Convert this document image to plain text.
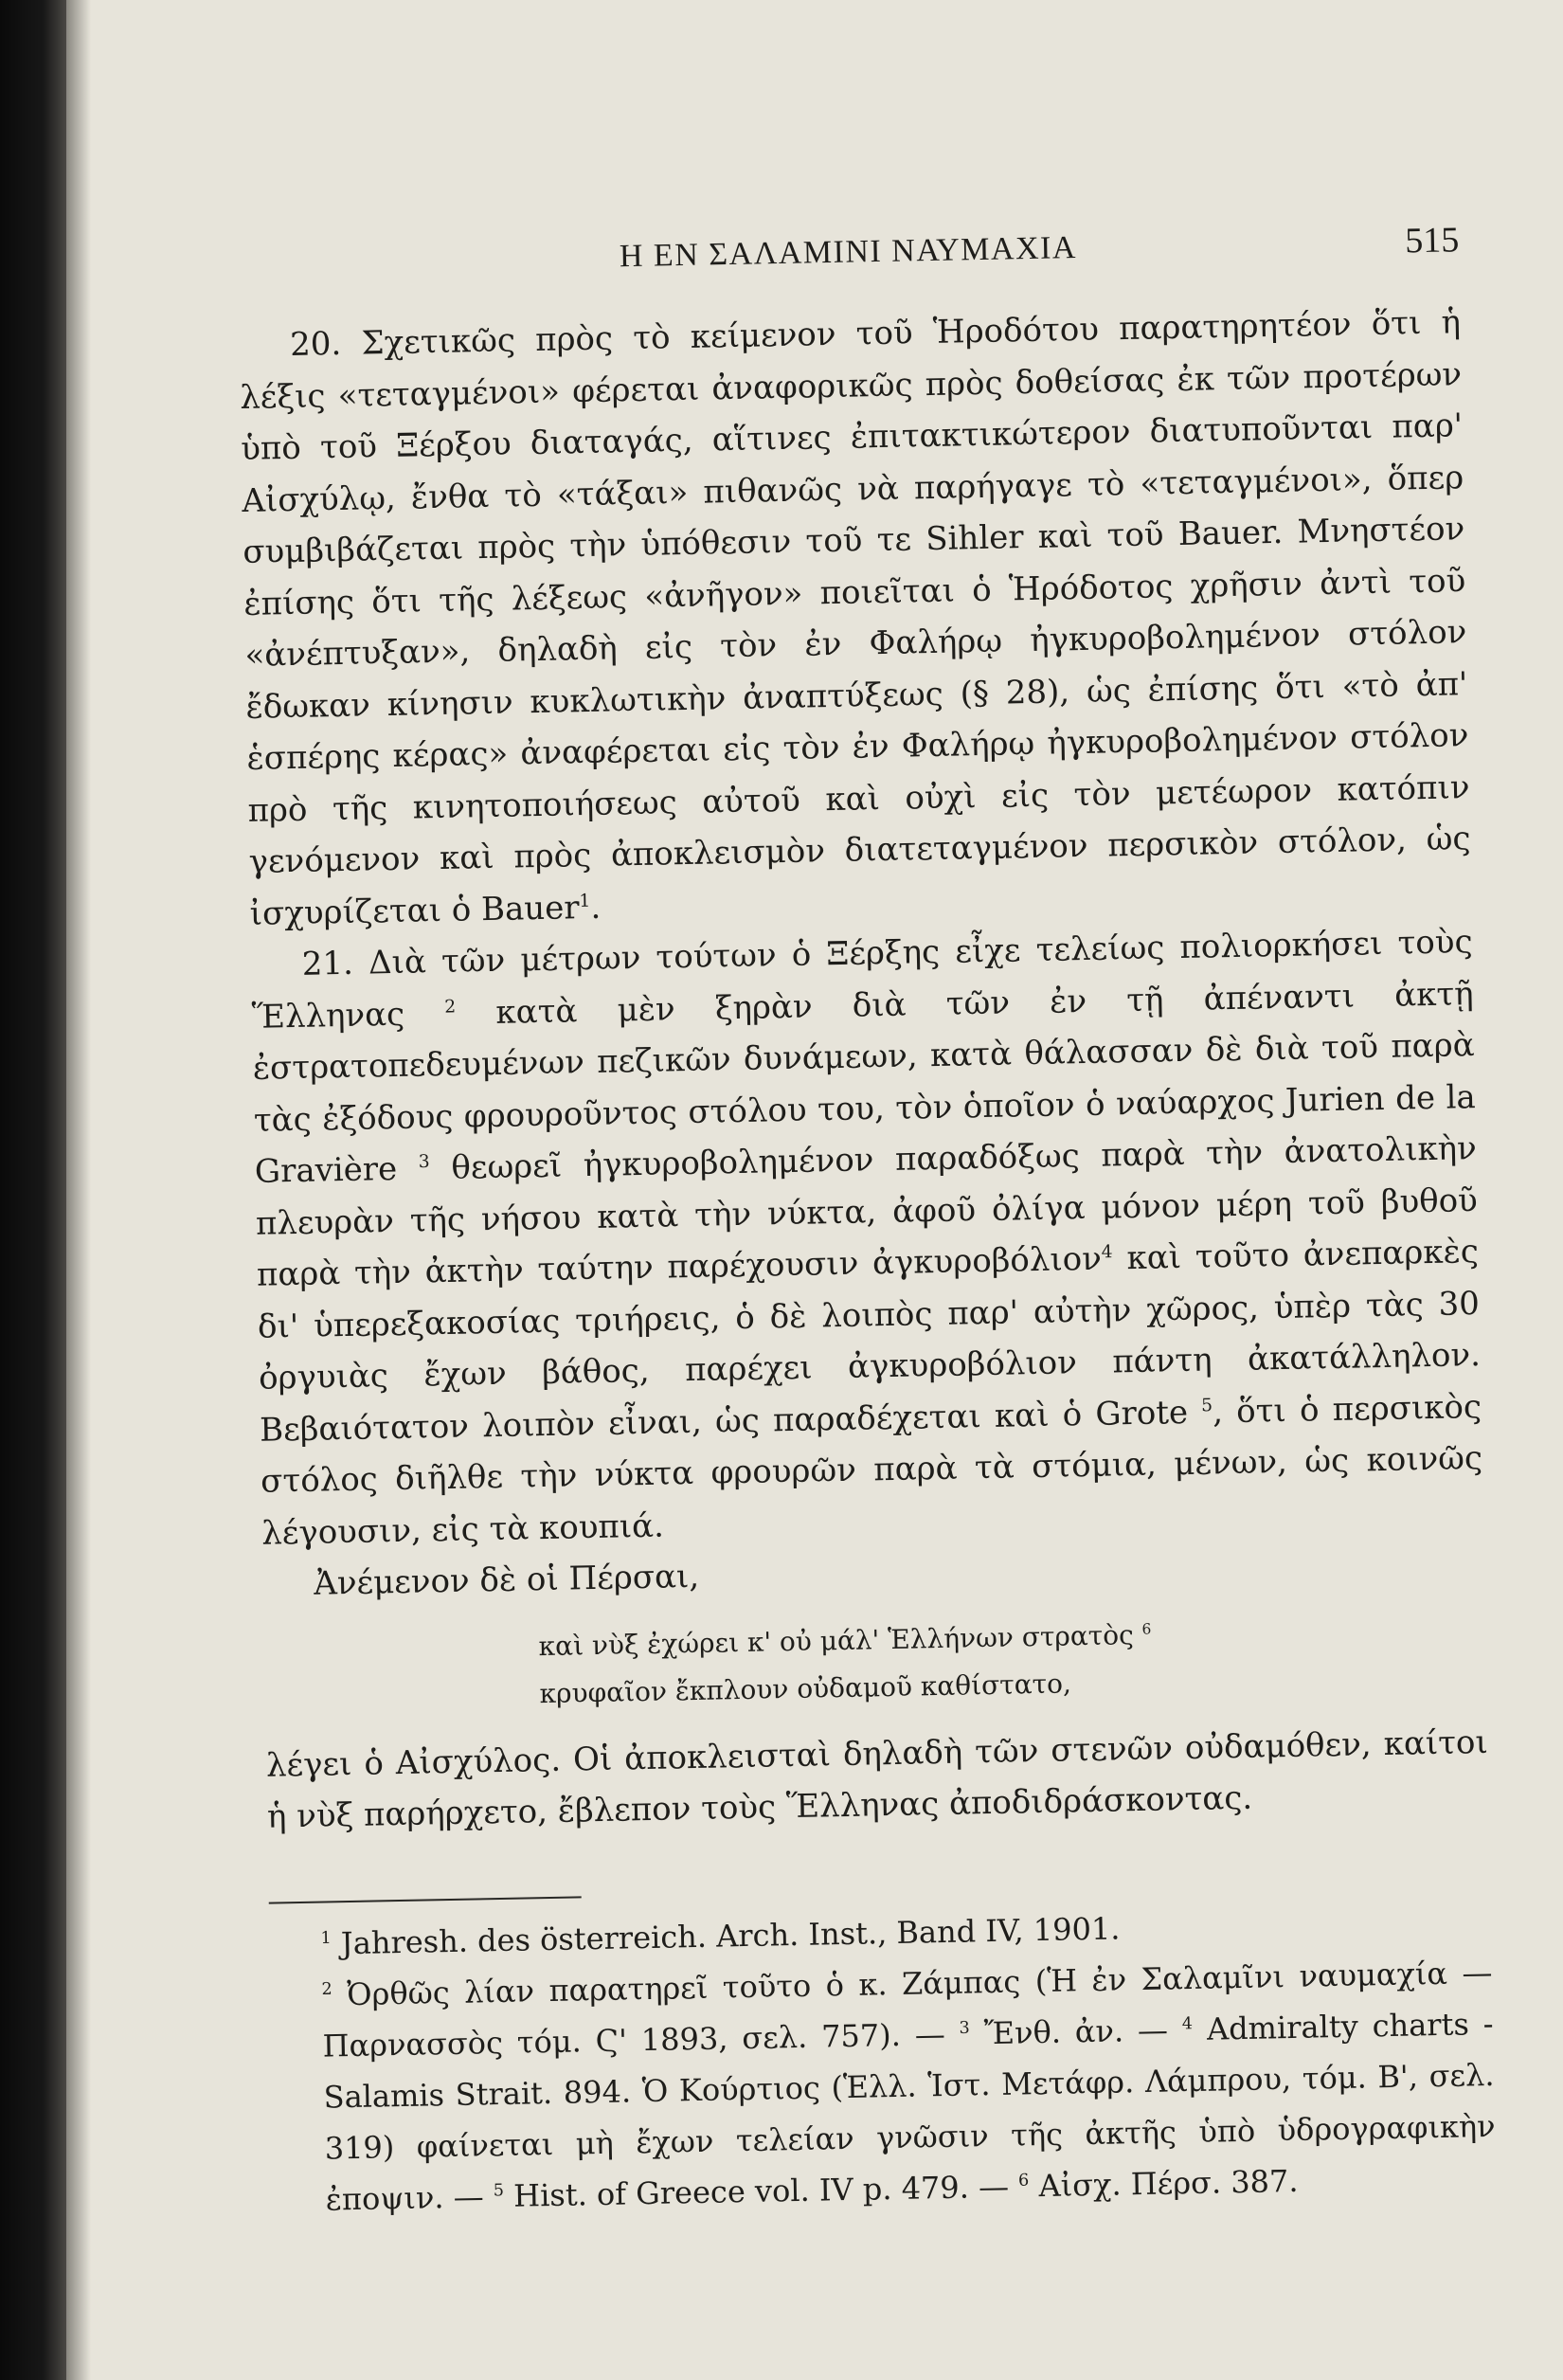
Η ΕΝ ΣΑΛΑΜΙΝΙ ΝΑΥΜΑΧΙΑ	515

20. Σχετικῶς πρὸς τὸ κείμενον τοῦ Ἡροδότου παρατηρητέον ὅτι ἡ λέξις «τεταγμένοι» φέρεται ἀναφορικῶς πρὸς δοθείσας ἐκ τῶν προτέρων ὑπὸ τοῦ Ξέρξου διαταγάς, αἵτινες ἐπιτακτικώτερον διατυποῦνται παρ' Αἰσχύλῳ, ἔνθα τὸ «τάξαι» πιθανῶς νὰ παρήγαγε τὸ «τεταγμένοι», ὅπερ συμβιβάζεται πρὸς τὴν ὑπόθεσιν τοῦ τε Sihler καὶ τοῦ Bauer. Μνηστέον ἐπίσης ὅτι τῆς λέξεως «ἀνῆγον» ποιεῖται ὁ Ἡρόδοτος χρῆσιν ἀντὶ τοῦ «ἀνέπτυξαν», δηλαδὴ εἰς τὸν ἐν Φαλήρῳ ἠγκυροβολημένον στόλον ἔδωκαν κίνησιν κυκλωτικὴν ἀναπτύξεως (§ 28), ὡς ἐπίσης ὅτι «τὸ ἀπ' ἑσπέρης κέρας» ἀναφέρεται εἰς τὸν ἐν Φαλήρῳ ἠγκυροβολημένον στόλον πρὸ τῆς κινητοποιήσεως αὐτοῦ καὶ οὐχὶ εἰς τὸν μετέωρον κατόπιν γενόμενον καὶ πρὸς ἀποκλεισμὸν διατεταγμένον περσικὸν στόλον, ὡς ἰσχυρίζεται ὁ Bauer$^1$.

21. Διὰ τῶν μέτρων τούτων ὁ Ξέρξης εἶχε τελείως πολιορκήσει τοὺς Ἕλληνας $^2$ κατὰ μὲν ξηρὰν διὰ τῶν ἐν τῇ ἀπέναντι ἀκτῇ ἐστρατοπεδευμένων πεζικῶν δυνάμεων, κατὰ θάλασσαν δὲ διὰ τοῦ παρὰ τὰς ἐξόδους φρουροῦντος στόλου του, τὸν ὁποῖον ὁ ναύαρχος Jurien de la Gravière $^3$ θεωρεῖ ἠγκυροβολημένον παραδόξως παρὰ τὴν ἀνατολικὴν πλευρὰν τῆς νήσου κατὰ τὴν νύκτα, ἀφοῦ ὀλίγα μόνον μέρη τοῦ βυθοῦ παρὰ τὴν ἀκτὴν ταύτην παρέχουσιν ἀγκυροβόλιον$^4$ καὶ τοῦτο ἀνεπαρκὲς δι' ὑπερεξακοσίας τριήρεις, ὁ δὲ λοιπὸς παρ' αὐτὴν χῶρος, ὑπὲρ τὰς 30 ὀργυιὰς ἔχων βάθος, παρέχει ἀγκυροβόλιον πάντη ἀκατάλληλον. Βεβαιότατον λοιπὸν εἶναι, ὡς παραδέχεται καὶ ὁ Grote $^5$, ὅτι ὁ περσικὸς στόλος διῆλθε τὴν νύκτα φρουρῶν παρὰ τὰ στόμια, μένων, ὡς κοινῶς λέγουσιν, εἰς τὰ κουπιά.

Ἀνέμενον δὲ οἱ Πέρσαι,

καὶ νὺξ ἐχώρει κ' οὐ μάλ' Ἑλλήνων στρατὸς $^6$
κρυφαῖον ἔκπλουν οὐδαμοῦ καθίστατο,

λέγει ὁ Αἰσχύλος. Οἱ ἀποκλεισταὶ δηλαδὴ τῶν στενῶν οὐδαμόθεν, καίτοι ἡ νὺξ παρήρχετο, ἔβλεπον τοὺς Ἕλληνας ἀποδιδράσκοντας.

$^1$ Jahresh. des österreich. Arch. Inst., Band IV, 1901.

$^2$ Ὀρθῶς λίαν παρατηρεῖ τοῦτο ὁ κ. Ζάμπας (Ἡ ἐν Σαλαμῖνι ναυμαχία — Παρνασσὸς τόμ. Ϛ' 1893, σελ. 757). — $^3$ Ἔνθ. ἀν. — $^4$ Admiralty charts - Salamis Strait. 894. Ὁ Κούρτιος (Ἑλλ. Ἱστ. Μετάφρ. Λάμπρου, τόμ. Β', σελ. 319) φαίνεται μὴ ἔχων τελείαν γνῶσιν τῆς ἀκτῆς ὑπὸ ὑδρογραφικὴν ἐποψιν. — $^5$ Hist. of Greece vol. IV p. 479. — $^6$ Αἰσχ. Πέρσ. 387.
